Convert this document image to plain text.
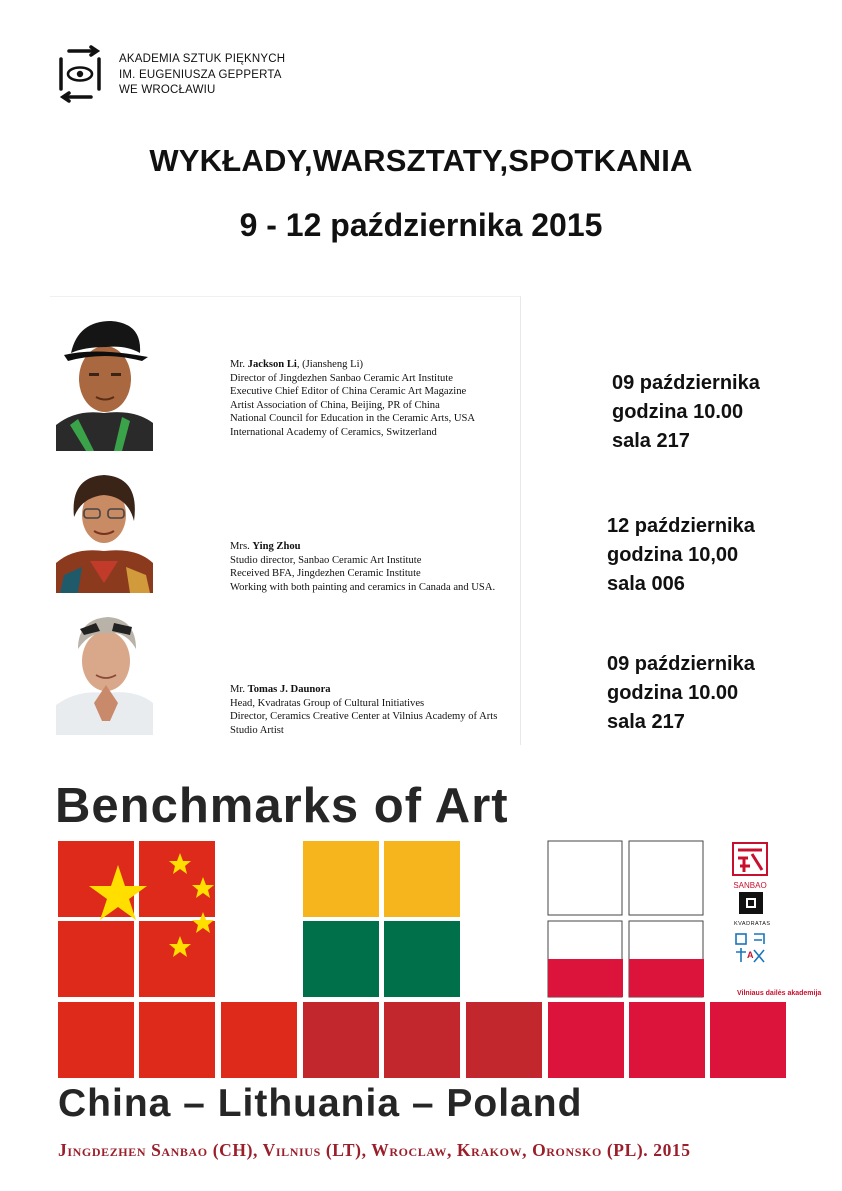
AKADEMIA SZTUK PIĘKNYCH
IM. EUGENIUSZA GEPPERTA
WE WROCŁAWIU
WYKŁADY,WARSZTATY,SPOTKANIA
9 - 12 października 2015
Mr. Jackson Li, (Jiansheng Li)
Director of Jingdezhen Sanbao Ceramic Art Institute
Executive Chief Editor of China Ceramic Art Magazine
Artist Association of China, Beijing, PR of China
National Council for Education in the Ceramic Arts, USA
International Academy of Ceramics, Switzerland
Mrs. Ying Zhou
Studio director, Sanbao Ceramic Art Institute
Received BFA, Jingdezhen Ceramic Institute
Working with both painting and ceramics in Canada and USA.
Mr. Tomas J. Daunora
Head, Kvadratas Group of Cultural Initiatives
Director, Ceramics Creative Center at Vilnius Academy of Arts
Studio Artist
09 października
godzina 10.00
sala 217
12 października
godzina 10,00
sala 006
09 października
godzina 10.00
sala 217
Benchmarks of Art
SANBAO
KVADRATAS
A
Vilniaus dailės akademija
China – Lithuania – Poland
Jingdezhen Sanbao (CH), Vilnius (LT), Wroclaw, Krakow, Oronsko (PL). 2015
